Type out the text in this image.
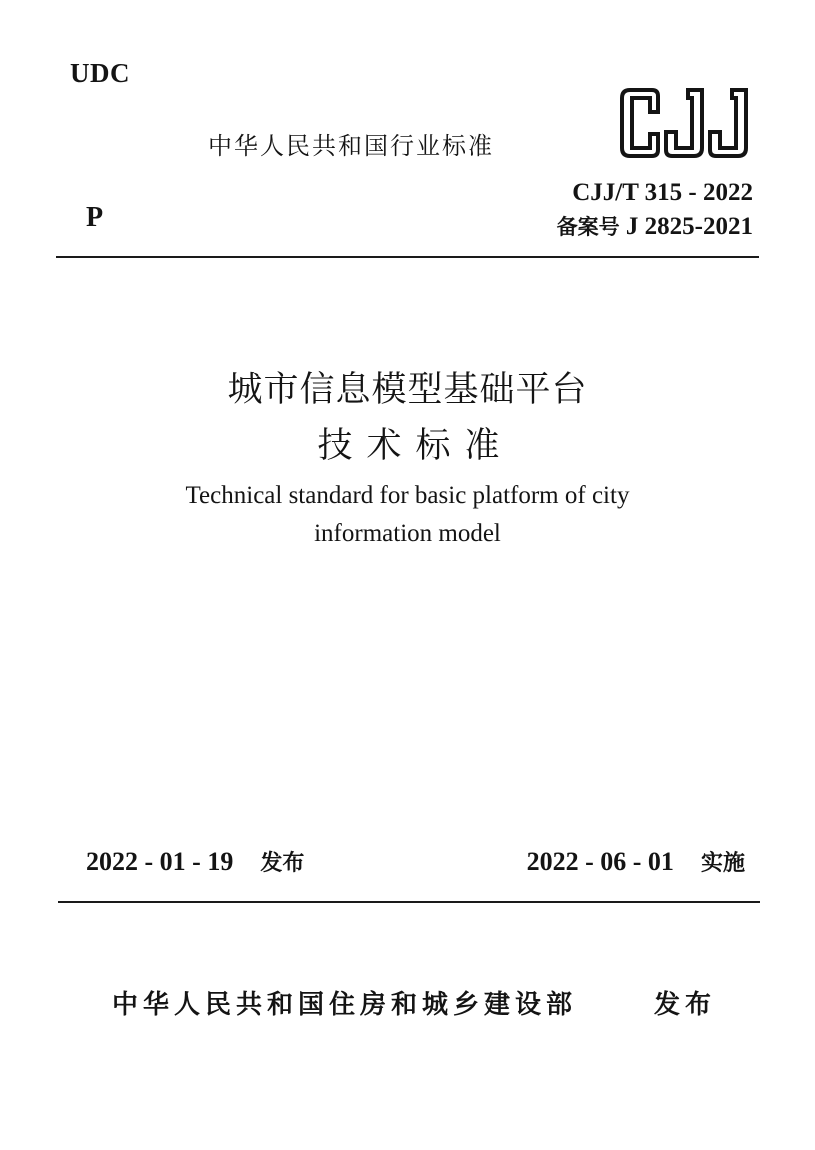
UDC
中华人民共和国行业标准
P
CJJ/T 315 - 2022
备案号 J 2825-2021
城市信息模型基础平台
技术标准
Technical standard for basic platform of city
information model
2022 - 01 - 19 发布	2022 - 06 - 01 实施
中华人民共和国住房和城乡建设部	发布
